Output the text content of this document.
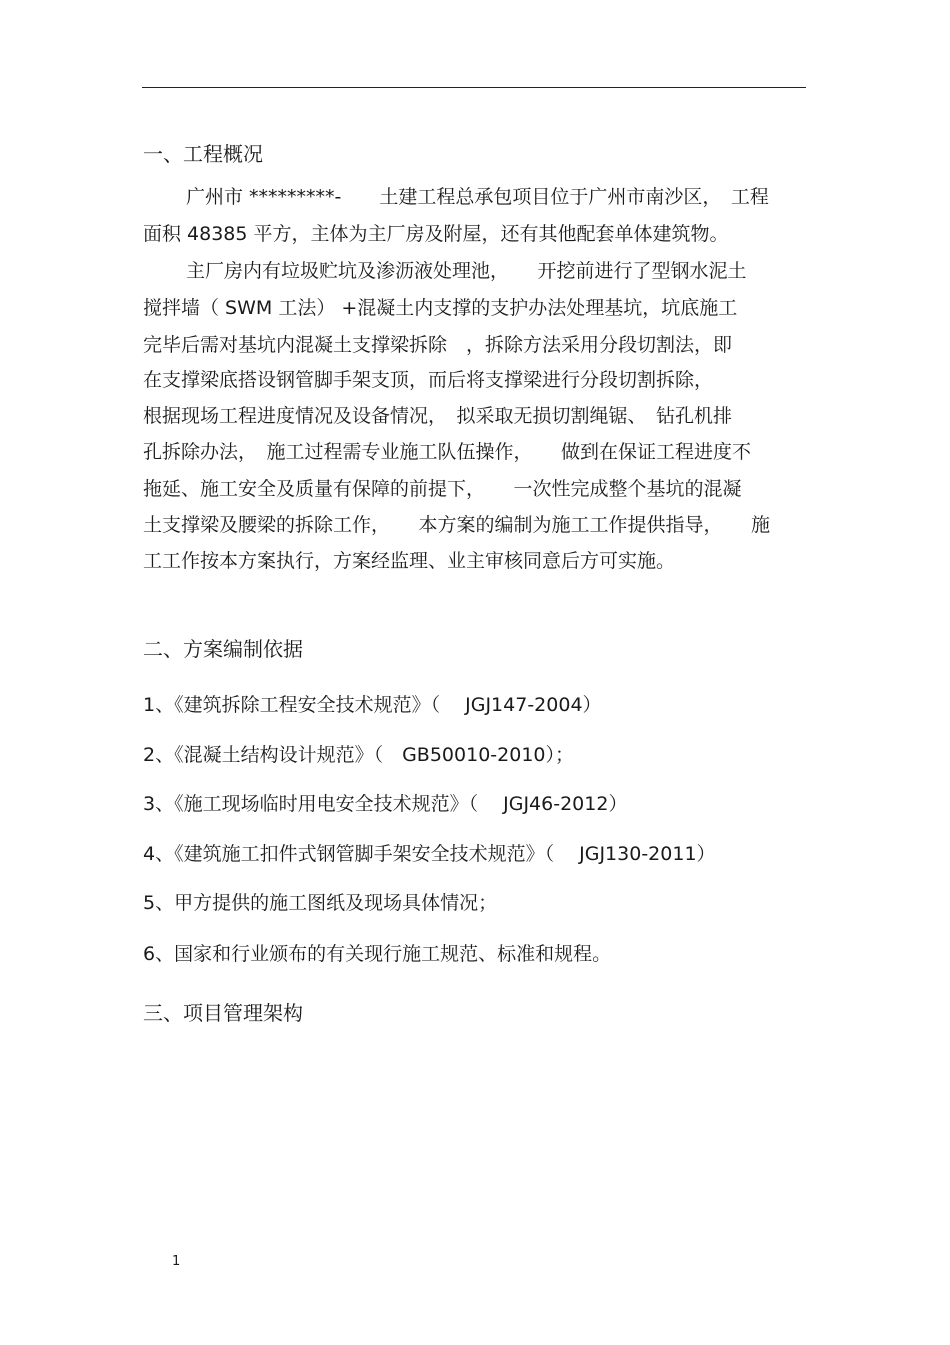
一、工程概况
广州市 *********-　　土建工程总承包项目位于广州市南沙区，　工程
面积 48385 平方，主体为主厂房及附屋，还有其他配套单体建筑物。
主厂房内有垃圾贮坑及渗沥液处理池，　　开挖前进行了型钢水泥土
搅拌墙（ SWM 工法） +混凝土内支撑的支护办法处理基坑，坑底施工
完毕后需对基坑内混凝土支撑梁拆除　，拆除方法采用分段切割法，即
在支撑梁底搭设钢管脚手架支顶，而后将支撑梁进行分段切割拆除，
根据现场工程进度情况及设备情况，　拟采取无损切割绳锯、　钻孔机排
孔拆除办法，　施工过程需专业施工队伍操作，　　做到在保证工程进度不
拖延、施工安全及质量有保障的前提下，　　一次性完成整个基坑的混凝
土支撑梁及腰梁的拆除工作，　　本方案的编制为施工工作提供指导，　　施
工工作按本方案执行，方案经监理、业主审核同意后方可实施。
二、方案编制依据
1、《建筑拆除工程安全技术规范》（　 JGJ147-2004）
2、《混凝土结构设计规范》（　GB50010-2010）；
3、《施工现场临时用电安全技术规范》（　 JGJ46-2012）
4、《建筑施工扣件式钢管脚手架安全技术规范》（　 JGJ130-2011）
5、甲方提供的施工图纸及现场具体情况；
6、国家和行业颁布的有关现行施工规范、标准和规程。
三、项目管理架构
1
